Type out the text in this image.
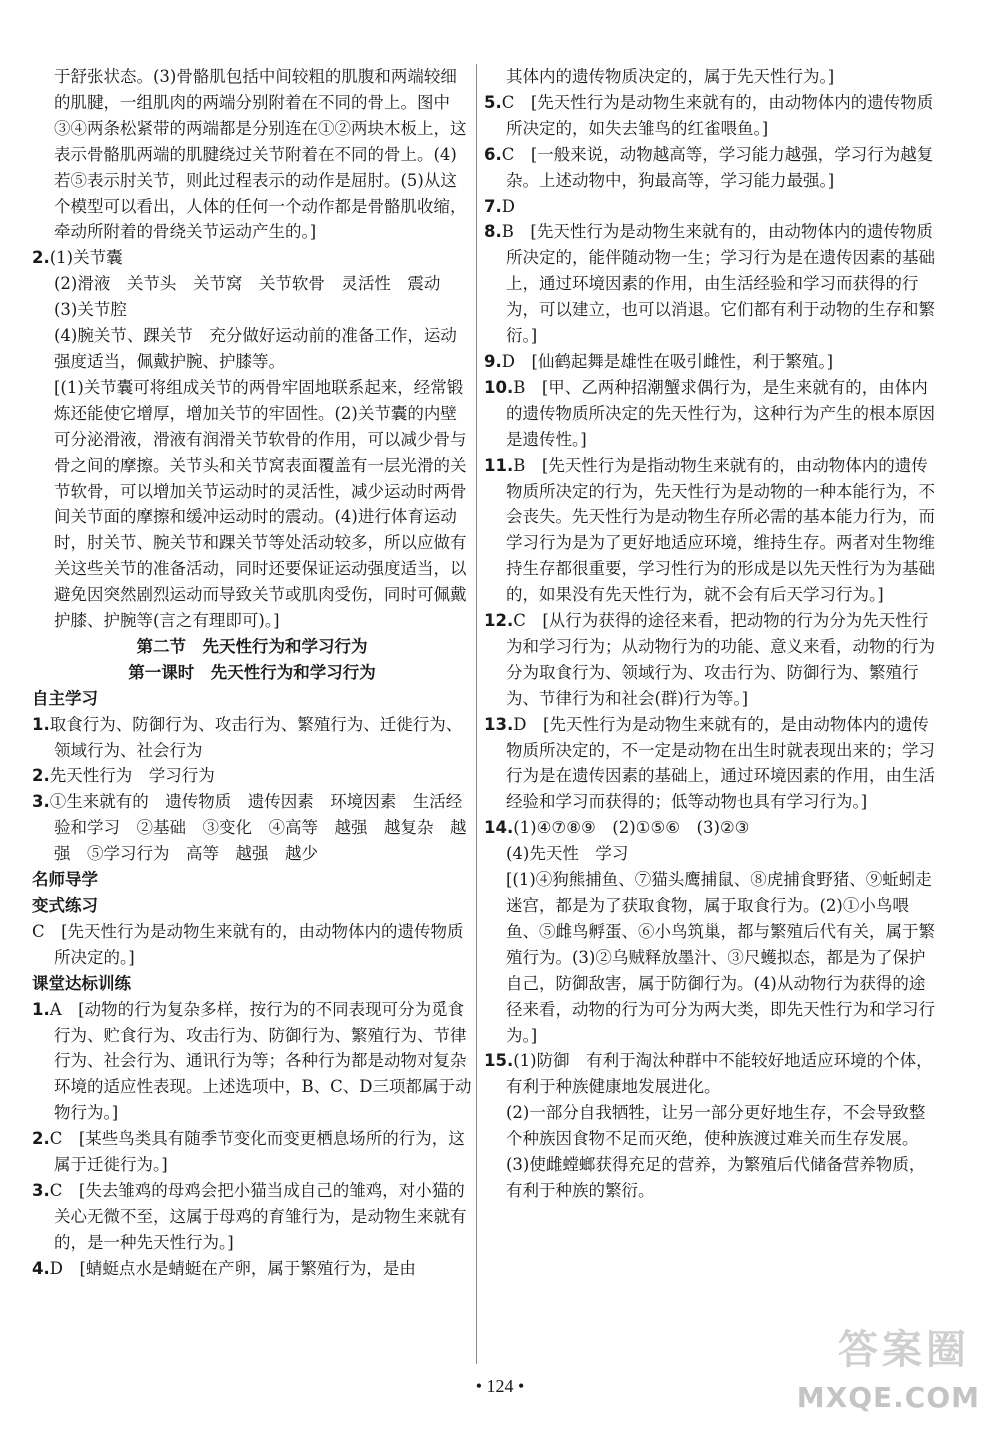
于舒张状态。(3)骨骼肌包括中间较粗的肌腹和两端较细的肌腱，一组肌肉的两端分别附着在不同的骨上。图中③④两条松紧带的两端都是分别连在①②两块木板上，这表示骨骼肌两端的肌腱绕过关节附着在不同的骨上。(4)若⑤表示肘关节，则此过程表示的动作是屈肘。(5)从这个模型可以看出，人体的任何一个动作都是骨骼肌收缩，牵动所附着的骨绕关节运动产生的。]

2.(1)关节囊

(2)滑液　关节头　关节窝　关节软骨　灵活性　震动

(3)关节腔

(4)腕关节、踝关节　充分做好运动前的准备工作，运动强度适当，佩戴护腕、护膝等。

[(1)关节囊可将组成关节的两骨牢固地联系起来，经常锻炼还能使它增厚，增加关节的牢固性。(2)关节囊的内壁可分泌滑液，滑液有润滑关节软骨的作用，可以减少骨与骨之间的摩擦。关节头和关节窝表面覆盖有一层光滑的关节软骨，可以增加关节运动时的灵活性，减少运动时两骨间关节面的摩擦和缓冲运动时的震动。(4)进行体育运动时，肘关节、腕关节和踝关节等处活动较多，所以应做有关这些关节的准备活动，同时还要保证运动强度适当，以避免因突然剧烈运动而导致关节或肌肉受伤，同时可佩戴护膝、护腕等(言之有理即可)。]

第二节　先天性行为和学习行为

第一课时　先天性行为和学习行为

自主学习

1.取食行为、防御行为、攻击行为、繁殖行为、迁徙行为、领域行为、社会行为

2.先天性行为　学习行为

3.①生来就有的　遗传物质　遗传因素　环境因素　生活经验和学习　②基础　③变化　④高等　越强　越复杂　越强　⑤学习行为　高等　越强　越少

名师导学

变式练习

C　[先天性行为是动物生来就有的，由动物体内的遗传物质所决定的。]

课堂达标训练

1.A　[动物的行为复杂多样，按行为的不同表现可分为觅食行为、贮食行为、攻击行为、防御行为、繁殖行为、节律行为、社会行为、通讯行为等；各种行为都是动物对复杂环境的适应性表现。上述选项中，B、C、D三项都属于动物行为。]

2.C　[某些鸟类具有随季节变化而变更栖息场所的行为，这属于迁徙行为。]

3.C　[失去雏鸡的母鸡会把小猫当成自己的雏鸡，对小猫的关心无微不至，这属于母鸡的育雏行为，是动物生来就有的，是一种先天性行为。]

4.D　[蜻蜓点水是蜻蜓在产卵，属于繁殖行为，是由

其体内的遗传物质决定的，属于先天性行为。]

5.C　[先天性行为是动物生来就有的，由动物体内的遗传物质所决定的，如失去雏鸟的红雀喂鱼。]

6.C　[一般来说，动物越高等，学习能力越强，学习行为越复杂。上述动物中，狗最高等，学习能力最强。]

7.D

8.B　[先天性行为是动物生来就有的，由动物体内的遗传物质所决定的，能伴随动物一生；学习行为是在遗传因素的基础上，通过环境因素的作用，由生活经验和学习而获得的行为，可以建立，也可以消退。它们都有利于动物的生存和繁衍。]

9.D　[仙鹤起舞是雄性在吸引雌性，利于繁殖。]

10.B　[甲、乙两种招潮蟹求偶行为，是生来就有的，由体内的遗传物质所决定的先天性行为，这种行为产生的根本原因是遗传性。]

11.B　[先天性行为是指动物生来就有的，由动物体内的遗传物质所决定的行为，先天性行为是动物的一种本能行为，不会丧失。先天性行为是动物生存所必需的基本能力行为，而学习行为是为了更好地适应环境，维持生存。两者对生物维持生存都很重要，学习性行为的形成是以先天性行为为基础的，如果没有先天性行为，就不会有后天学习行为。]

12.C　[从行为获得的途径来看，把动物的行为分为先天性行为和学习行为；从动物行为的功能、意义来看，动物的行为分为取食行为、领域行为、攻击行为、防御行为、繁殖行为、节律行为和社会(群)行为等。]

13.D　[先天性行为是动物生来就有的，是由动物体内的遗传物质所决定的，不一定是动物在出生时就表现出来的；学习行为是在遗传因素的基础上，通过环境因素的作用，由生活经验和学习而获得的；低等动物也具有学习行为。]

14.(1)④⑦⑧⑨　(2)①⑤⑥　(3)②③

(4)先天性　学习

[(1)④狗熊捕鱼、⑦猫头鹰捕鼠、⑧虎捕食野猪、⑨蚯蚓走迷宫，都是为了获取食物，属于取食行为。(2)①小鸟喂鱼、⑤雌鸟孵蛋、⑥小鸟筑巢，都与繁殖后代有关，属于繁殖行为。(3)②乌贼释放墨汁、③尺蠖拟态，都是为了保护自己，防御敌害，属于防御行为。(4)从动物行为获得的途径来看，动物的行为可分为两大类，即先天性行为和学习行为。]

15.(1)防御　有利于淘汰种群中不能较好地适应环境的个体，有利于种族健康地发展进化。

(2)一部分自我牺牲，让另一部分更好地生存，不会导致整个种族因食物不足而灭绝，使种族渡过难关而生存发展。

(3)使雌螳螂获得充足的营养，为繁殖后代储备营养物质，有利于种族的繁衍。

• 124 •
答案圈
MXQE.COM
